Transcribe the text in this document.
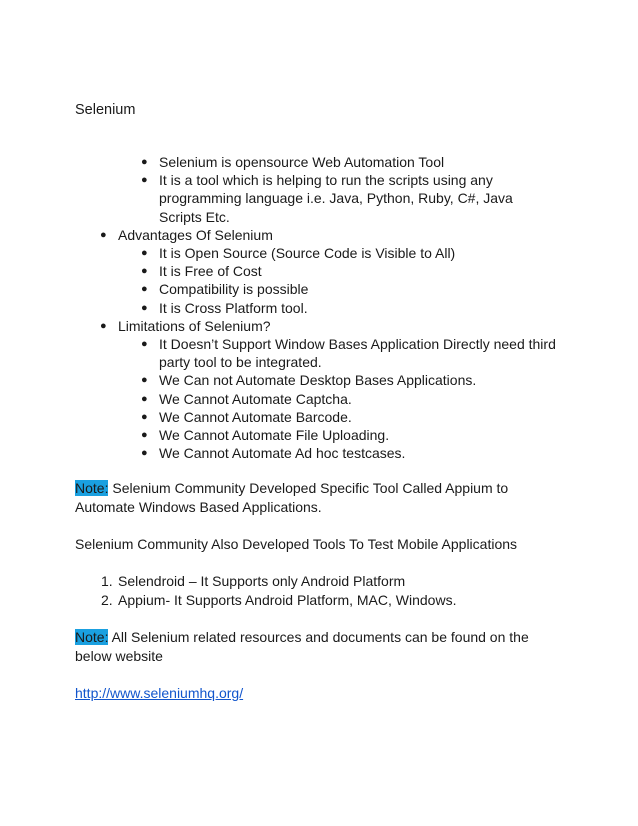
Selenium
● Selenium is opensource Web Automation Tool
● It is a tool which is helping to run the scripts using any programming language i.e. Java, Python, Ruby, C#, Java Scripts Etc.
● Advantages Of Selenium
● It is Open Source (Source Code is Visible to All)
● It is Free of Cost
● Compatibility is possible
● It is Cross Platform tool.
● Limitations of Selenium?
● It Doesn’t Support Window Bases Application Directly need third party tool to be integrated.
● We Can not Automate Desktop Bases Applications.
● We Cannot Automate Captcha.
● We Cannot Automate Barcode.
● We Cannot Automate File Uploading.
● We Cannot Automate Ad hoc testcases.
Note: Selenium Community Developed Specific Tool Called Appium to Automate Windows Based Applications.
Selenium Community Also Developed Tools To Test Mobile Applications
1. Selendroid – It Supports only Android Platform
2. Appium- It Supports Android Platform, MAC, Windows.
Note: All Selenium related resources and documents can be found on the below website
http://www.seleniumhq.org/
